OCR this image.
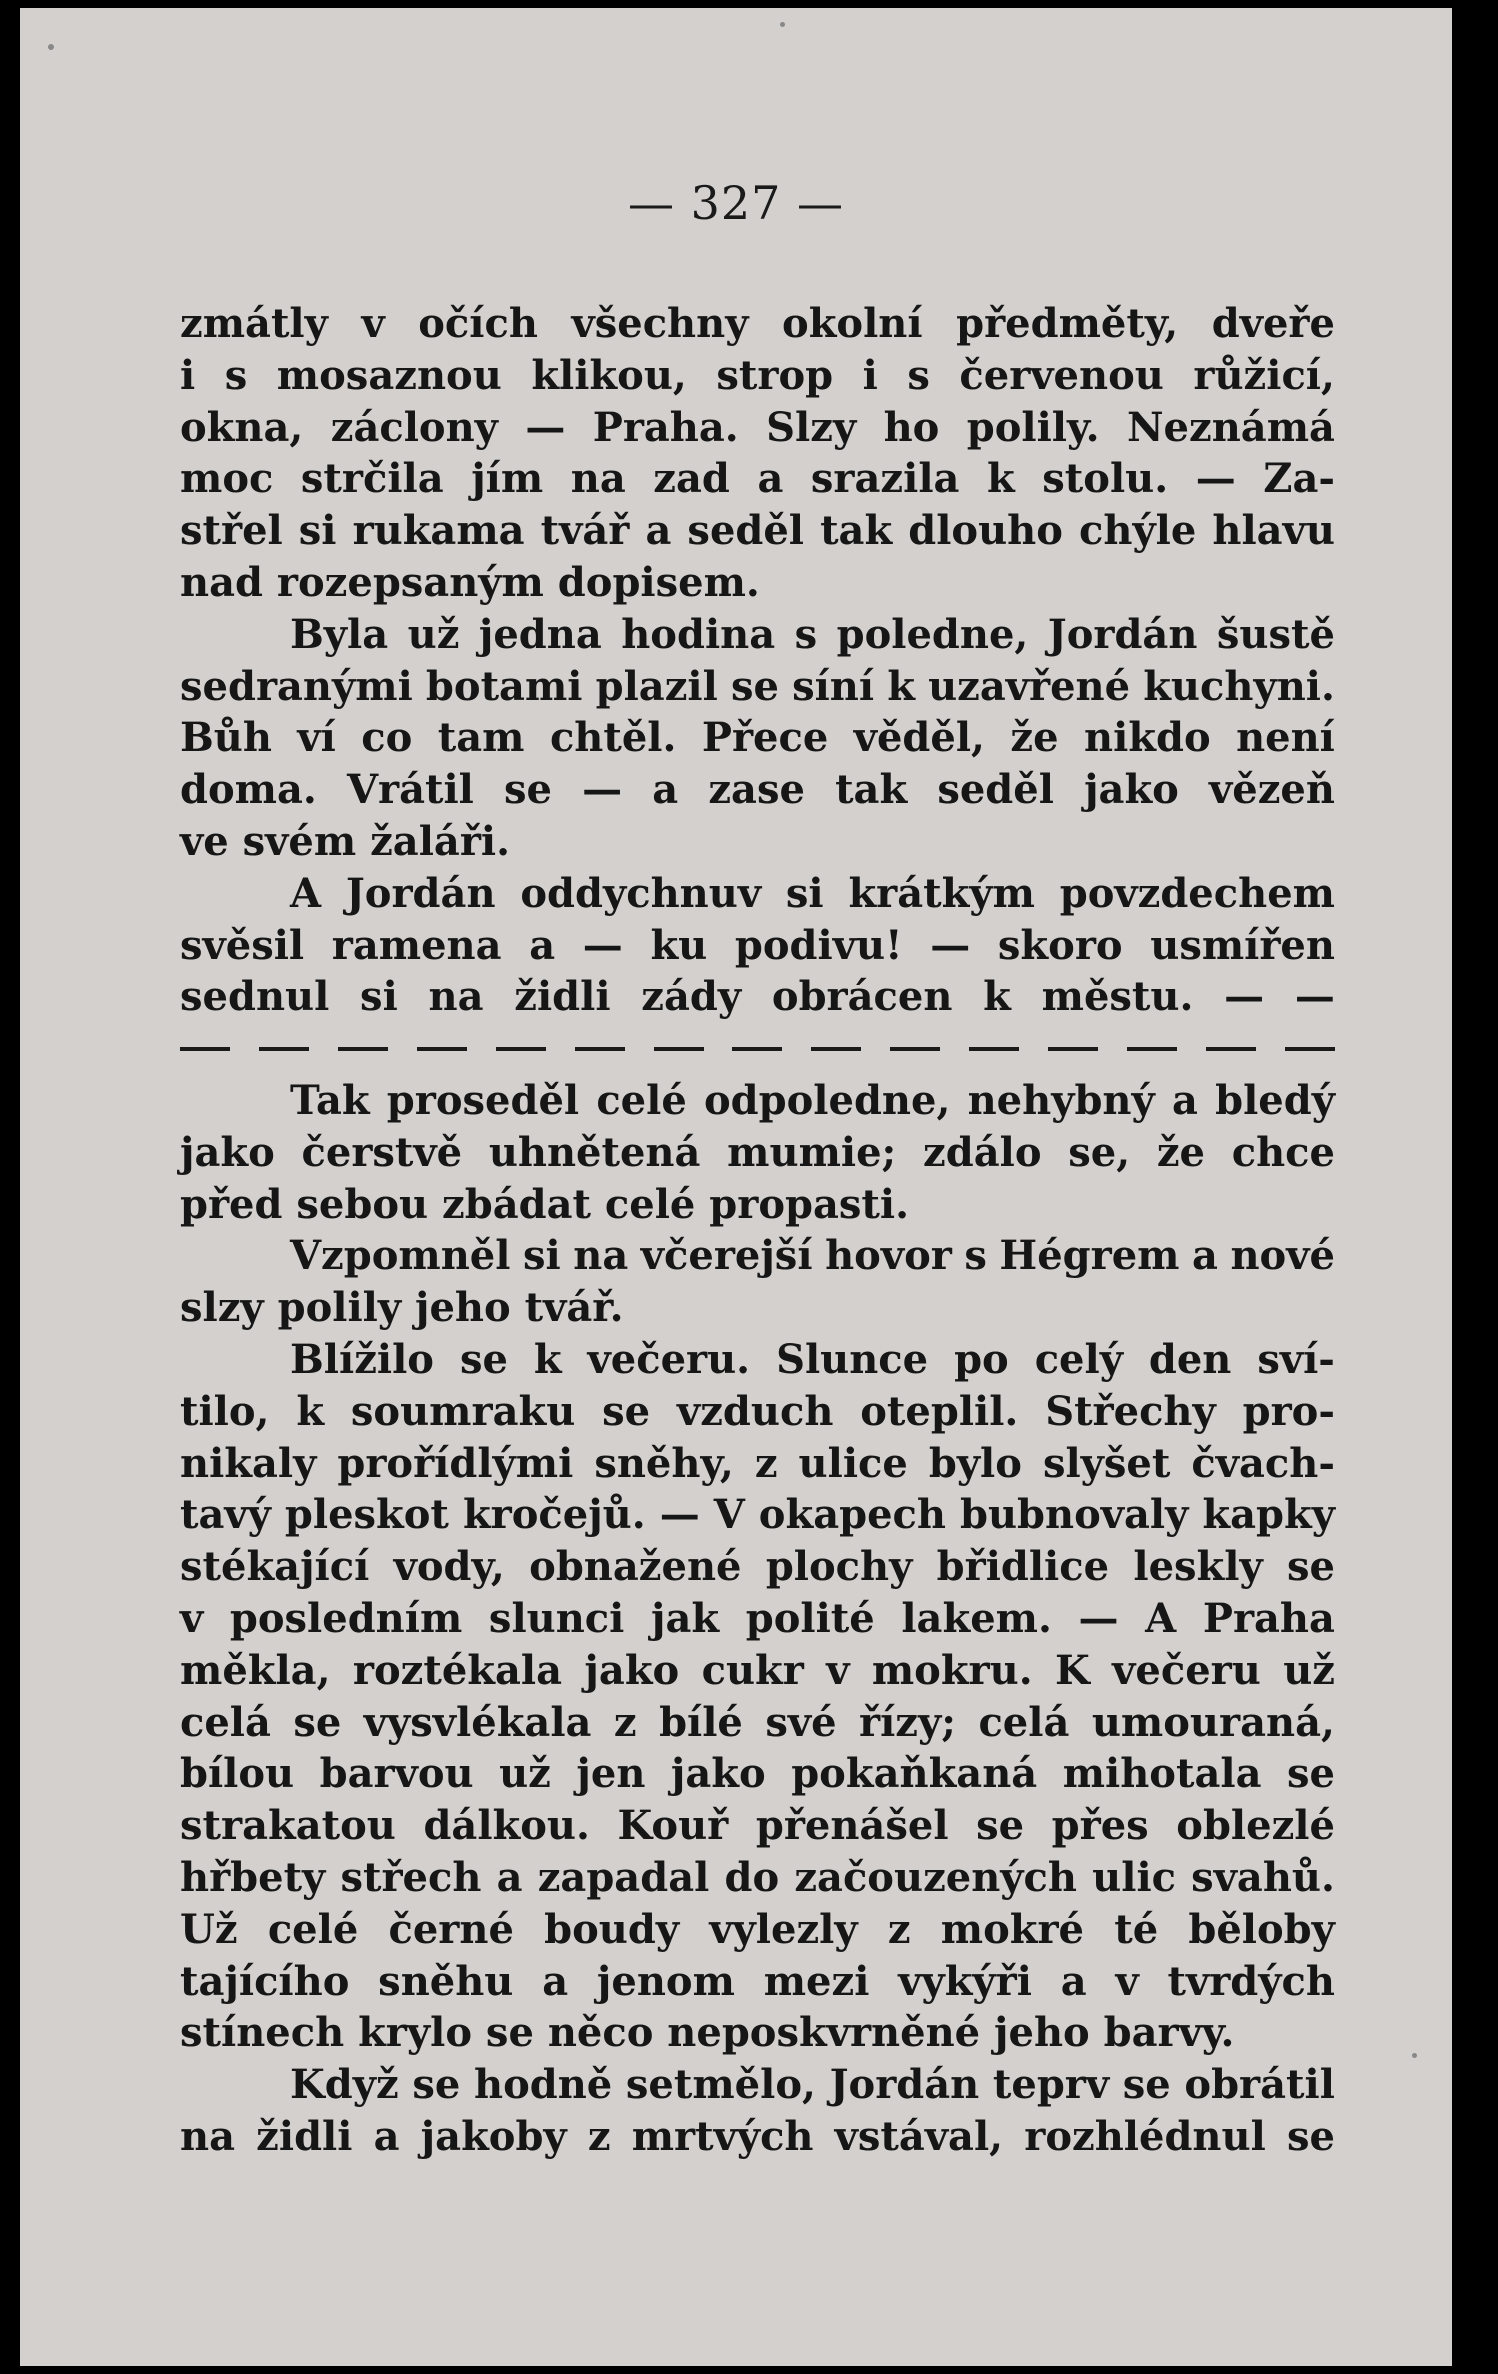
— 327 —
zmátly v očích všechny okolní předměty, dveře
i s mosaznou klikou, strop i s červenou růžicí,
okna, záclony — Praha. Slzy ho polily. Neznámá
moc strčila jím na zad a srazila k stolu. — Za-
střel si rukama tvář a seděl tak dlouho chýle hlavu
nad rozepsaným dopisem.
Byla už jedna hodina s poledne, Jordán šustě
sedranými botami plazil se síní k uzavřené kuchyni.
Bůh ví co tam chtěl. Přece věděl, že nikdo není
doma. Vrátil se — a zase tak seděl jako vězeň
ve svém žaláři.
A Jordán oddychnuv si krátkým povzdechem
svěsil ramena a — ku podivu! — skoro usmířen
sednul si na židli zády obrácen k městu. — —
Tak proseděl celé odpoledne, nehybný a bledý
jako čerstvě uhnětená mumie; zdálo se, že chce
před sebou zbádat celé propasti.
Vzpomněl si na včerejší hovor s Hégrem a nové
slzy polily jeho tvář.
Blížilo se k večeru. Slunce po celý den sví-
tilo, k soumraku se vzduch oteplil. Střechy pro-
nikaly prořídlými sněhy, z ulice bylo slyšet čvach-
tavý pleskot kročejů. — V okapech bubnovaly kapky
stékající vody, obnažené plochy břidlice leskly se
v posledním slunci jak polité lakem. — A Praha
měkla, roztékala jako cukr v mokru. K večeru už
celá se vysvlékala z bílé své řízy; celá umouraná,
bílou barvou už jen jako pokaňkaná mihotala se
strakatou dálkou. Kouř přenášel se přes oblezlé
hřbety střech a zapadal do začouzených ulic svahů.
Už celé černé boudy vylezly z mokré té běloby
tajícího sněhu a jenom mezi vykýři a v tvrdých
stínech krylo se něco neposkvrněné jeho barvy.
Když se hodně setmělo, Jordán teprv se obrátil
na židli a jakoby z mrtvých vstával, rozhlédnul se
